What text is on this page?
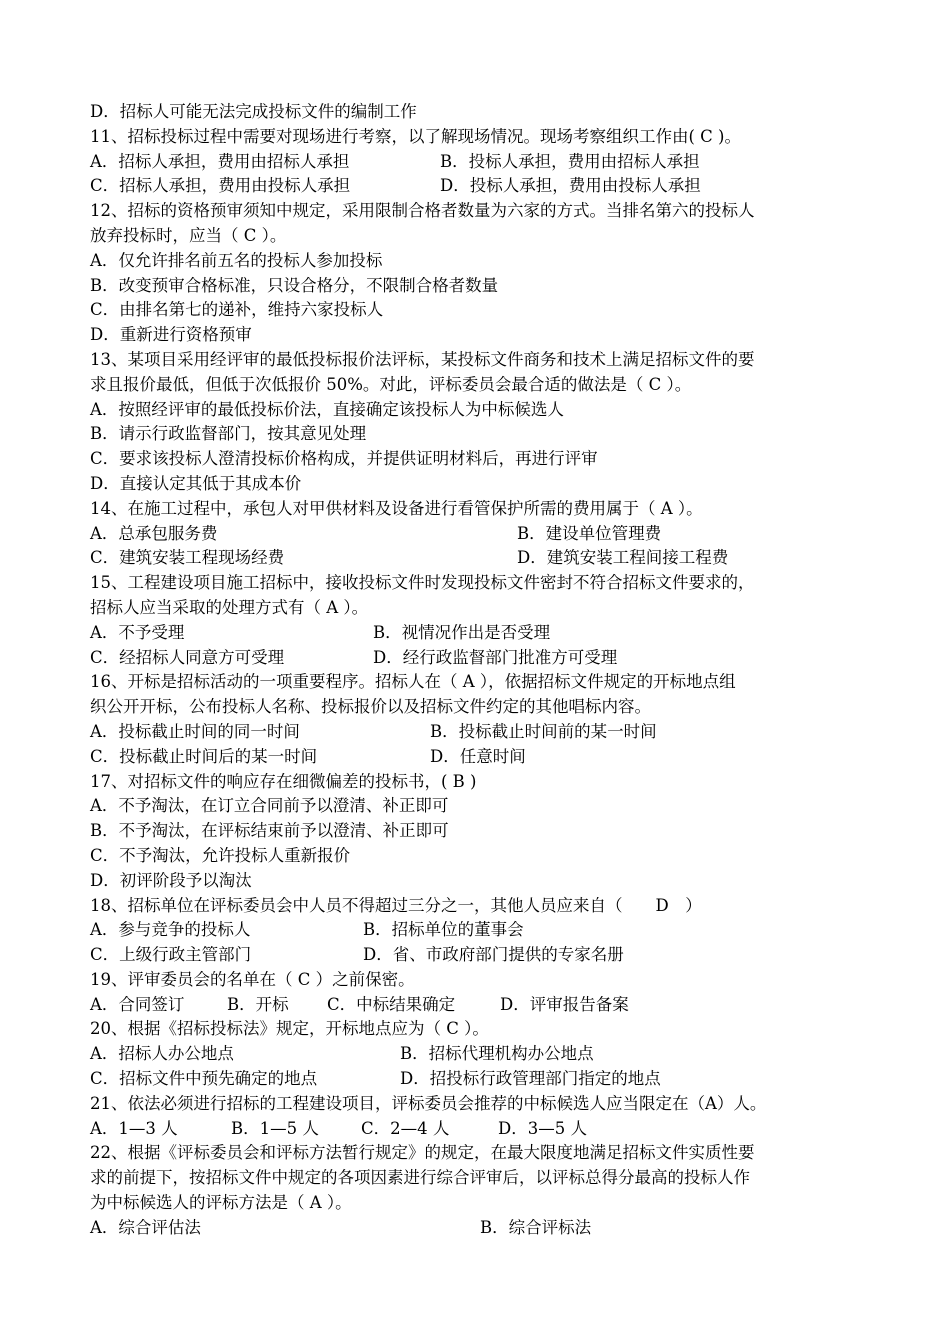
D．招标人可能无法完成投标文件的编制工作
11、招标投标过程中需要对现场进行考察，以了解现场情况。现场考察组织工作由( C )。
A．招标人承担，费用由招标人承担	B．投标人承担，费用由招标人承担
C．招标人承担，费用由投标人承担	D．投标人承担，费用由投标人承担
12、招标的资格预审须知中规定，采用限制合格者数量为六家的方式。当排名第六的投标人
放弃投标时，应当（ C ）。
A．仅允许排名前五名的投标人参加投标
B．改变预审合格标准，只设合格分，不限制合格者数量
C．由排名第七的递补，维持六家投标人
D．重新进行资格预审
13、某项目采用经评审的最低投标报价法评标，某投标文件商务和技术上满足招标文件的要
求且报价最低，但低于次低报价 50%。对此，评标委员会最合适的做法是（ C ）。
A．按照经评审的最低投标价法，直接确定该投标人为中标候选人
B．请示行政监督部门，按其意见处理
C．要求该投标人澄清投标价格构成，并提供证明材料后，再进行评审
D．直接认定其低于其成本价
14、在施工过程中，承包人对甲供材料及设备进行看管保护所需的费用属于（ A ）。
A．总承包服务费	B．建设单位管理费
C．建筑安装工程现场经费	D．建筑安装工程间接工程费
15、工程建设项目施工招标中，接收投标文件时发现投标文件密封不符合招标文件要求的，
招标人应当采取的处理方式有（ A ）。
A．不予受理	B．视情况作出是否受理
C．经招标人同意方可受理	D．经行政监督部门批准方可受理
16、开标是招标活动的一项重要程序。招标人在（ A ），依据招标文件规定的开标地点组
织公开开标，公布投标人名称、投标报价以及招标文件约定的其他唱标内容。
A．投标截止时间的同一时间	B．投标截止时间前的某一时间
C．投标截止时间后的某一时间	D．任意时间
17、对招标文件的响应存在细微偏差的投标书，( B )
A．不予淘汰，在订立合同前予以澄清、补正即可
B．不予淘汰，在评标结束前予以澄清、补正即可
C．不予淘汰，允许投标人重新报价
D．初评阶段予以淘汰
18、招标单位在评标委员会中人员不得超过三分之一，其他人员应来自（　　D　）
A．参与竞争的投标人	B．招标单位的董事会
C．上级行政主管部门	D．省、市政府部门提供的专家名册
19、评审委员会的名单在（ C ）之前保密。
A．合同签订	B．开标 C．中标结果确定	D．评审报告备案
20、根据《招标投标法》规定，开标地点应为（ C ）。
A．招标人办公地点	B．招标代理机构办公地点
C．招标文件中预先确定的地点	D．招投标行政管理部门指定的地点
21、依法必须进行招标的工程建设项目，评标委员会推荐的中标候选人应当限定在（A）人。
A．1—3 人	B．1—5 人	C．2—4 人	D．3—5 人
22、根据《评标委员会和评标方法暂行规定》的规定，在最大限度地满足招标文件实质性要
求的前提下，按招标文件中规定的各项因素进行综合评审后，以评标总得分最高的投标人作
为中标候选人的评标方法是（ A ）。
A．综合评估法	B．综合评标法
